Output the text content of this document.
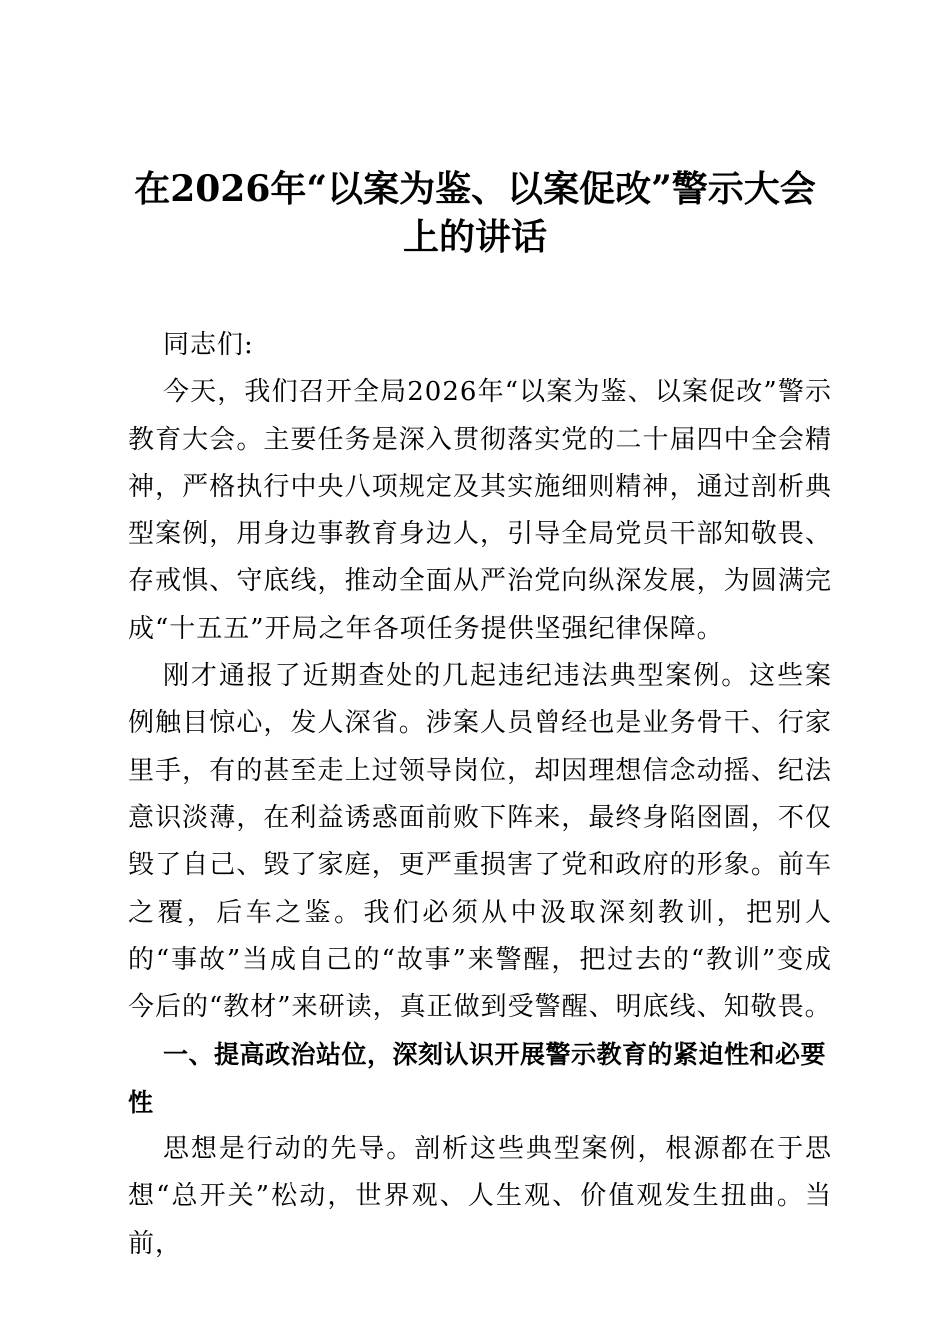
在2026年“以案为鉴、以案促改”警示大会上的讲话

同志们:

今天，我们召开全局2026年“以案为鉴、以案促改”警示教育大会。主要任务是深入贯彻落实党的二十届四中全会精神，严格执行中央八项规定及其实施细则精神，通过剖析典型案例，用身边事教育身边人，引导全局党员干部知敬畏、存戒惧、守底线，推动全面从严治党向纵深发展，为圆满完成“十五五”开局之年各项任务提供坚强纪律保障。

刚才通报了近期查处的几起违纪违法典型案例。这些案例触目惊心，发人深省。涉案人员曾经也是业务骨干、行家里手，有的甚至走上过领导岗位，却因理想信念动摇、纪法意识淡薄，在利益诱惑面前败下阵来，最终身陷囹圄，不仅毁了自己、毁了家庭，更严重损害了党和政府的形象。前车之覆，后车之鉴。我们必须从中汲取深刻教训，把别人的“事故”当成自己的“故事”来警醒，把过去的“教训”变成今后的“教材”来研读，真正做到受警醒、明底线、知敬畏。

一、提高政治站位，深刻认识开展警示教育的紧迫性和必要性

思想是行动的先导。剖析这些典型案例，根源都在于思想“总开关”松动，世界观、人生观、价值观发生扭曲。当前，
